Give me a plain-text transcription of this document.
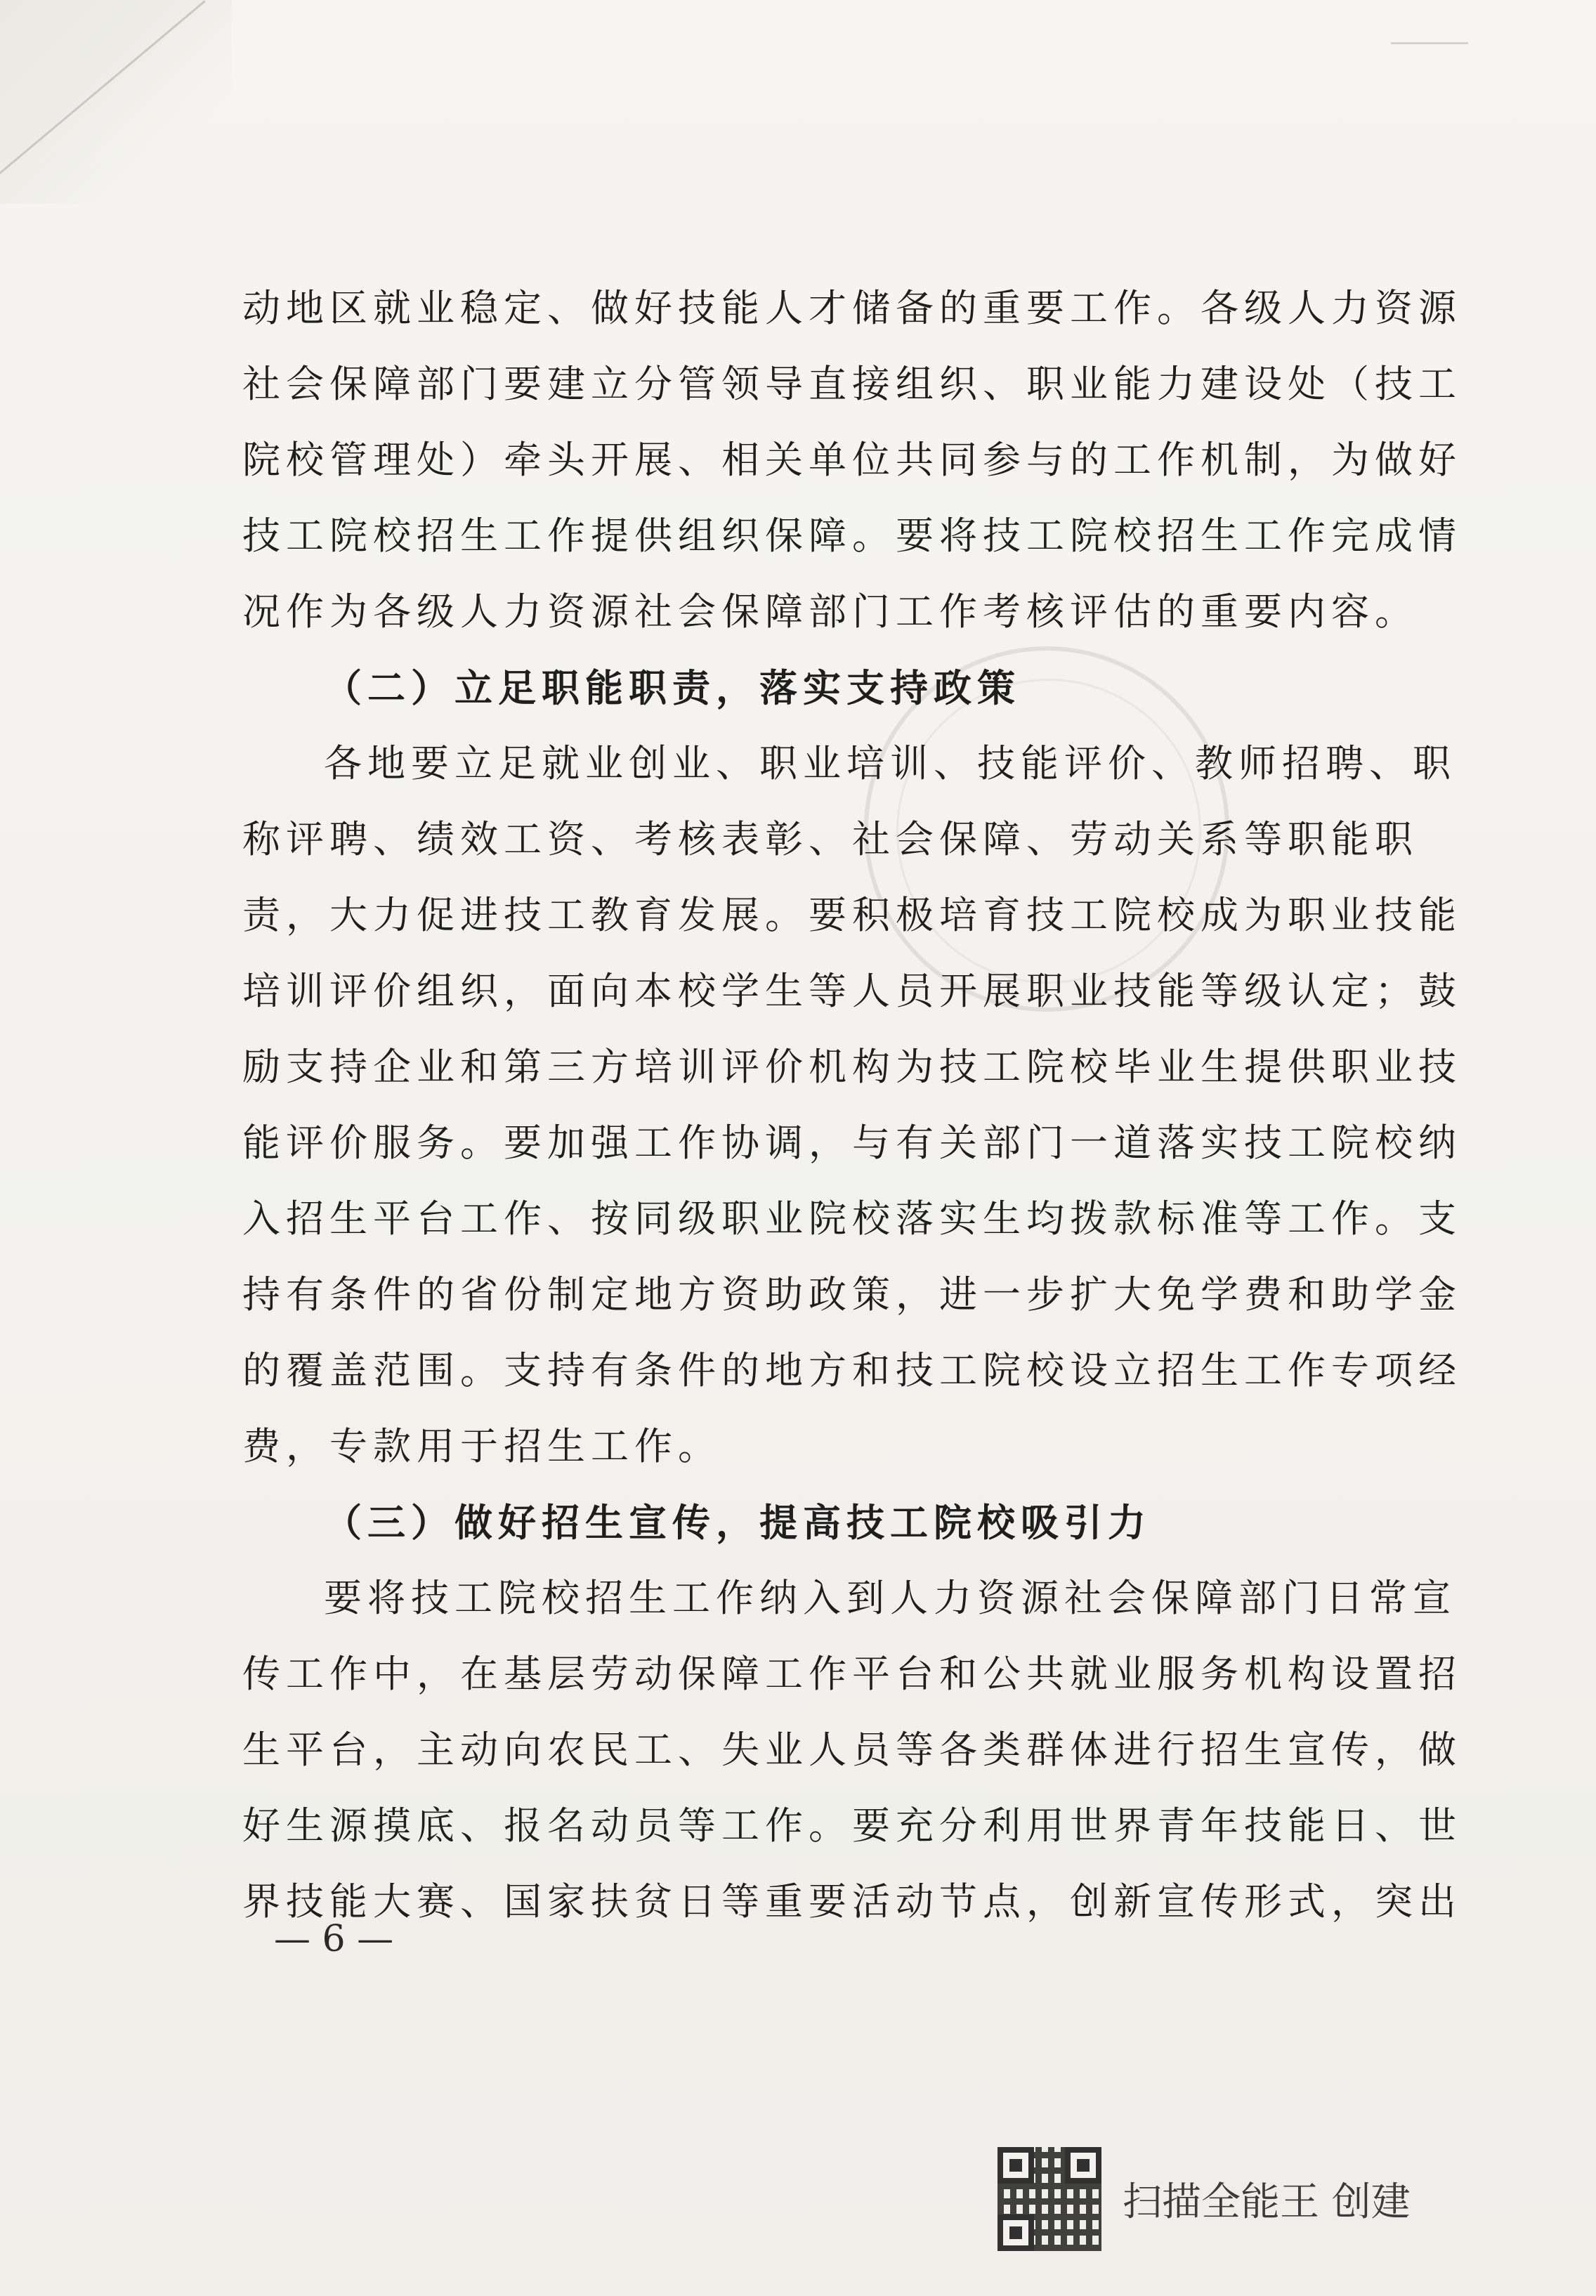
动地区就业稳定、做好技能人才储备的重要工作。各级人力资源
社会保障部门要建立分管领导直接组织、职业能力建设处（技工
院校管理处）牵头开展、相关单位共同参与的工作机制，为做好
技工院校招生工作提供组织保障。要将技工院校招生工作完成情
况作为各级人力资源社会保障部门工作考核评估的重要内容。
（二）立足职能职责，落实支持政策
各地要立足就业创业、职业培训、技能评价、教师招聘、职
称评聘、绩效工资、考核表彰、社会保障、劳动关系等职能职
责，大力促进技工教育发展。要积极培育技工院校成为职业技能
培训评价组织，面向本校学生等人员开展职业技能等级认定；鼓
励支持企业和第三方培训评价机构为技工院校毕业生提供职业技
能评价服务。要加强工作协调，与有关部门一道落实技工院校纳
入招生平台工作、按同级职业院校落实生均拨款标准等工作。支
持有条件的省份制定地方资助政策，进一步扩大免学费和助学金
的覆盖范围。支持有条件的地方和技工院校设立招生工作专项经
费，专款用于招生工作。
（三）做好招生宣传，提高技工院校吸引力
要将技工院校招生工作纳入到人力资源社会保障部门日常宣
传工作中，在基层劳动保障工作平台和公共就业服务机构设置招
生平台，主动向农民工、失业人员等各类群体进行招生宣传，做
好生源摸底、报名动员等工作。要充分利用世界青年技能日、世
界技能大赛、国家扶贫日等重要活动节点，创新宣传形式，突出
— 6 —
扫描全能王 创建
